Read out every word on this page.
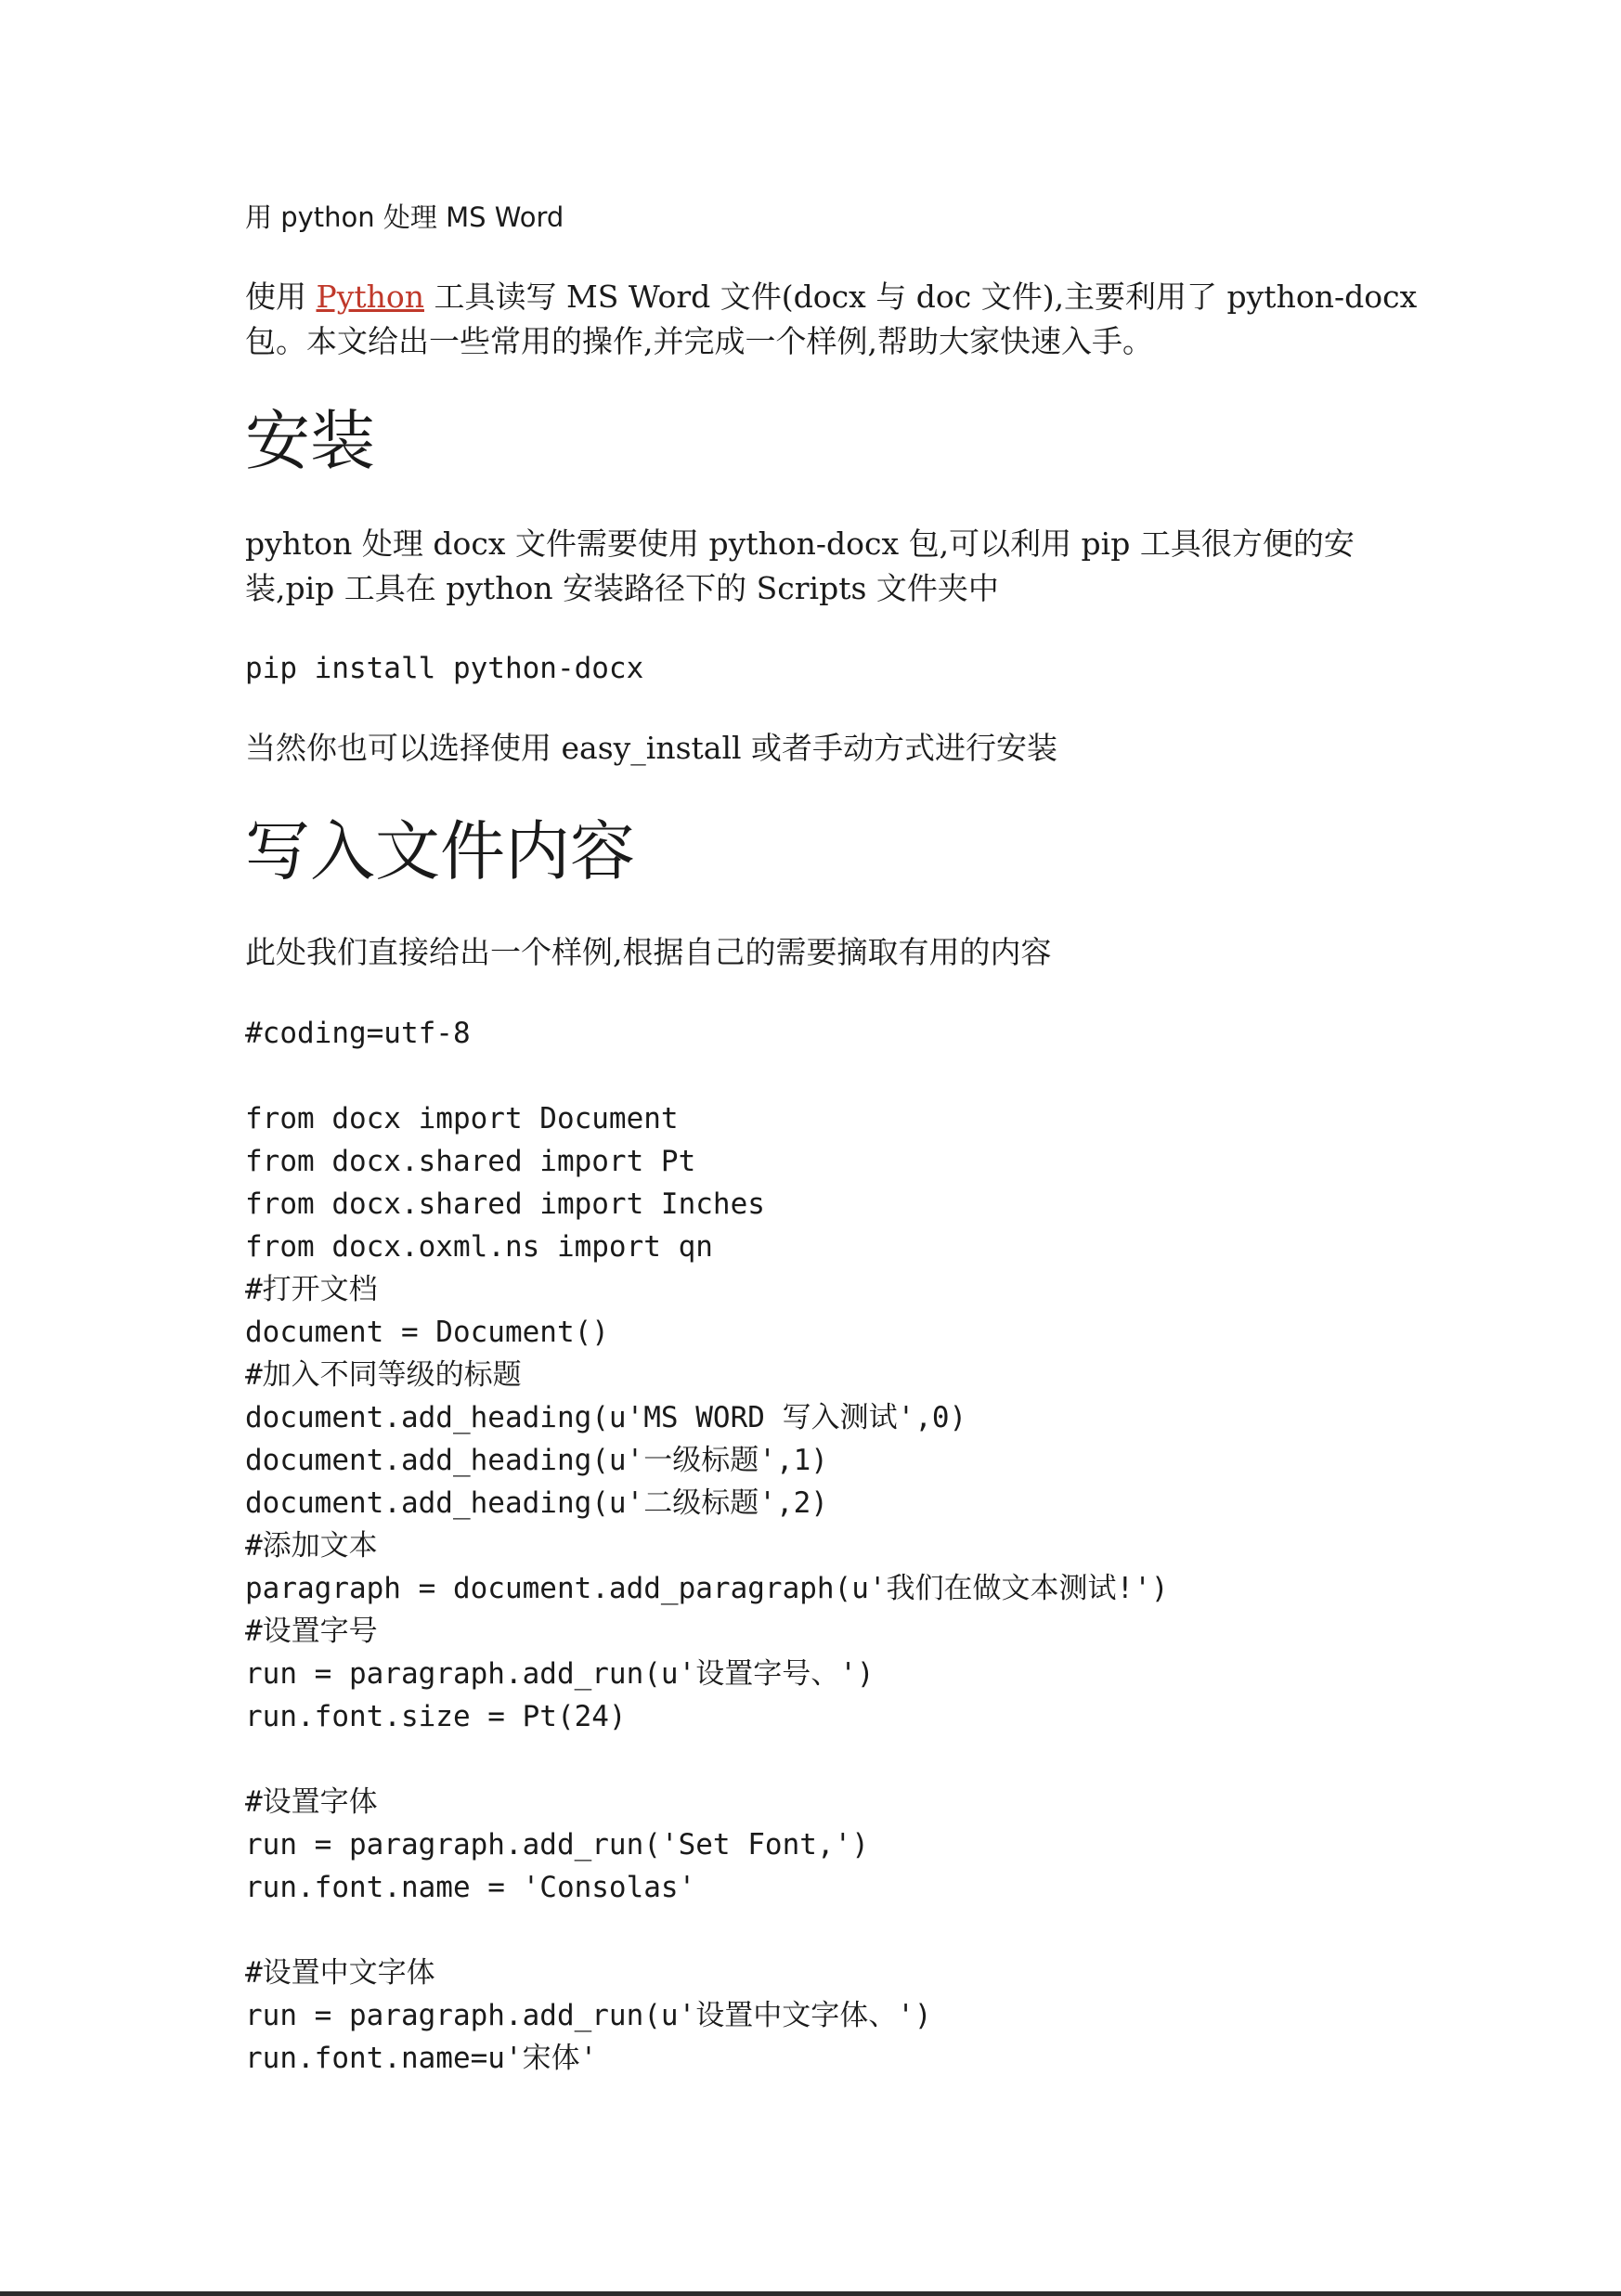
用 python 处理 MS Word
使用 Python 工具读写 MS Word 文件(docx 与 doc 文件),主要利用了 python-docx
包。本文给出一些常用的操作,并完成一个样例,帮助大家快速入手。
安装
pyhton 处理 docx 文件需要使用 python-docx 包,可以利用 pip 工具很方便的安
装,pip 工具在 python 安装路径下的 Scripts 文件夹中
pip install python-docx
当然你也可以选择使用 easy_install 或者手动方式进行安装
写入文件内容
此处我们直接给出一个样例,根据自己的需要摘取有用的内容
#coding=utf-8
from docx import Document
from docx.shared import Pt
from docx.shared import Inches
from docx.oxml.ns import qn
#打开文档
document = Document()
#加入不同等级的标题
document.add_heading(u'MS WORD 写入测试',0)
document.add_heading(u'一级标题',1)
document.add_heading(u'二级标题',2)
#添加文本
paragraph = document.add_paragraph(u'我们在做文本测试!')
#设置字号
run = paragraph.add_run(u'设置字号、')
run.font.size = Pt(24)
#设置字体
run = paragraph.add_run('Set Font,')
run.font.name = 'Consolas'
#设置中文字体
run = paragraph.add_run(u'设置中文字体、')
run.font.name=u'宋体'
